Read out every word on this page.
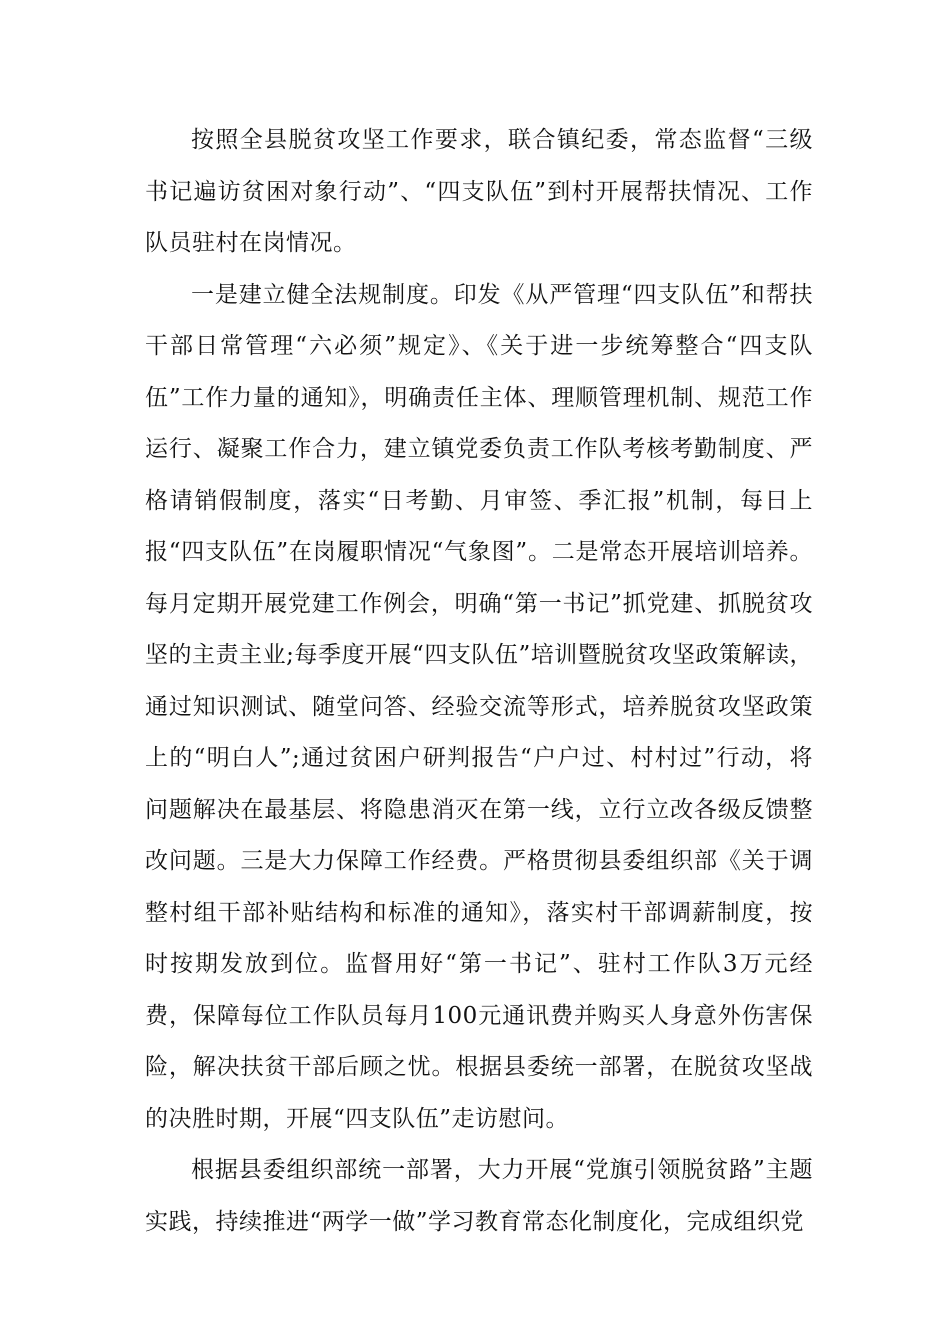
按照全县脱贫攻坚工作要求，联合镇纪委，常态监督“三级书记遍访贫困对象行动”、“四支队伍”到村开展帮扶情况、工作队员驻村在岗情况。

一是建立健全法规制度。印发《从严管理“四支队伍”和帮扶干部日常管理“六必须”规定》、《关于进一步统筹整合“四支队伍”工作力量的通知》，明确责任主体、理顺管理机制、规范工作运行、凝聚工作合力，建立镇党委负责工作队考核考勤制度、严格请销假制度，落实“日考勤、月审签、季汇报”机制，每日上报“四支队伍”在岗履职情况“气象图”。二是常态开展培训培养。每月定期开展党建工作例会，明确“第一书记”抓党建、抓脱贫攻坚的主责主业;每季度开展“四支队伍”培训暨脱贫攻坚政策解读，通过知识测试、随堂问答、经验交流等形式，培养脱贫攻坚政策上的“明白人”;通过贫困户研判报告“户户过、村村过”行动，将问题解决在最基层、将隐患消灭在第一线，立行立改各级反馈整改问题。三是大力保障工作经费。严格贯彻县委组织部《关于调整村组干部补贴结构和标准的通知》，落实村干部调薪制度，按时按期发放到位。监督用好“第一书记”、驻村工作队3万元经费，保障每位工作队员每月100元通讯费并购买人身意外伤害保险，解决扶贫干部后顾之忧。根据县委统一部署，在脱贫攻坚战的决胜时期，开展“四支队伍”走访慰问。

根据县委组织部统一部署，大力开展“党旗引领脱贫路”主题实践，持续推进“两学一做”学习教育常态化制度化，完成组织党
